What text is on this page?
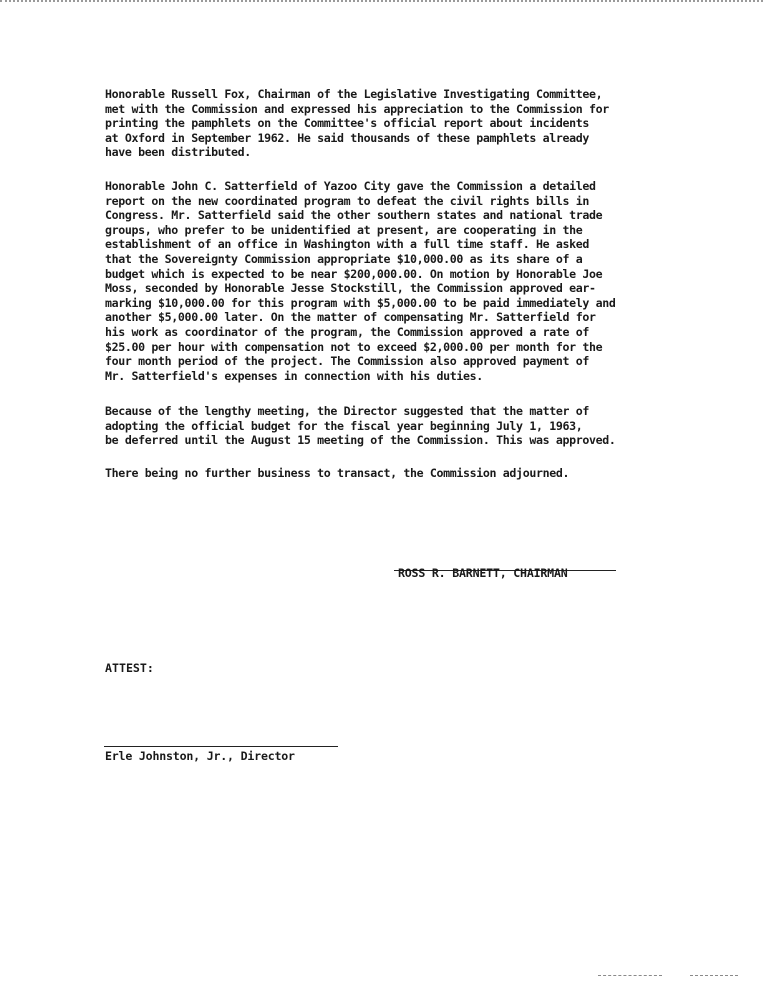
Honorable Russell Fox, Chairman of the Legislative Investigating Committee,
met with the Commission and expressed his appreciation to the Commission for
printing the pamphlets on the Committee's official report about incidents
at Oxford in September 1962. He said thousands of these pamphlets already
have been distributed.
Honorable John C. Satterfield of Yazoo City gave the Commission a detailed
report on the new coordinated program to defeat the civil rights bills in
Congress. Mr. Satterfield said the other southern states and national trade
groups, who prefer to be unidentified at present, are cooperating in the
establishment of an office in Washington with a full time staff. He asked
that the Sovereignty Commission appropriate $10,000.00 as its share of a
budget which is expected to be near $200,000.00. On motion by Honorable Joe
Moss, seconded by Honorable Jesse Stockstill, the Commission approved ear-
marking $10,000.00 for this program with $5,000.00 to be paid immediately and
another $5,000.00 later. On the matter of compensating Mr. Satterfield for
his work as coordinator of the program, the Commission approved a rate of
$25.00 per hour with compensation not to exceed $2,000.00 per month for the
four month period of the project. The Commission also approved payment of
Mr. Satterfield's expenses in connection with his duties.
Because of the lengthy meeting, the Director suggested that the matter of
adopting the official budget for the fiscal year beginning July 1, 1963,
be deferred until the August 15 meeting of the Commission. This was approved.
There being no further business to transact, the Commission adjourned.
ROSS R. BARNETT, CHAIRMAN
ATTEST:
Erle Johnston, Jr., Director
